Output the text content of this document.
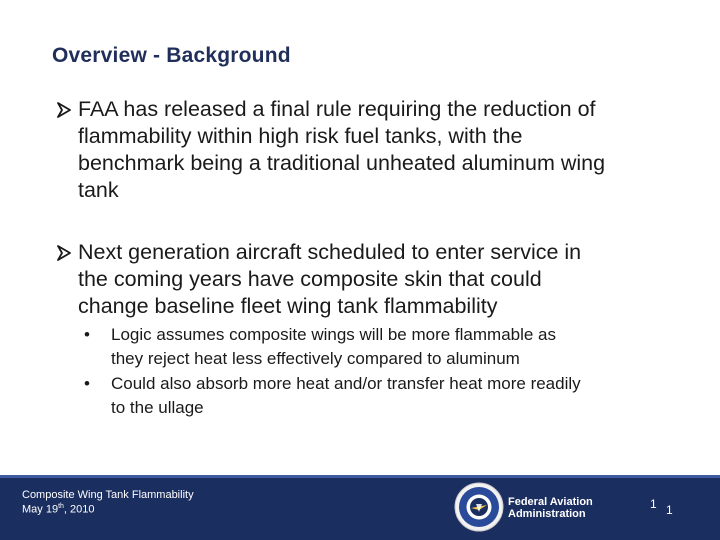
Overview - Background
FAA has released a final rule requiring the reduction of
flammability within high risk fuel tanks, with the
benchmark being a traditional unheated aluminum wing
tank
Next generation aircraft scheduled to enter service in
the coming years have composite skin that could
change baseline fleet wing tank flammability
• Logic assumes composite wings will be more flammable as
they reject heat less effectively compared to aluminum
• Could also absorb more heat and/or transfer heat more readily
to the ullage
Composite Wing Tank Flammability
May 19th, 2010
Federal Aviation
Administration
1 1
